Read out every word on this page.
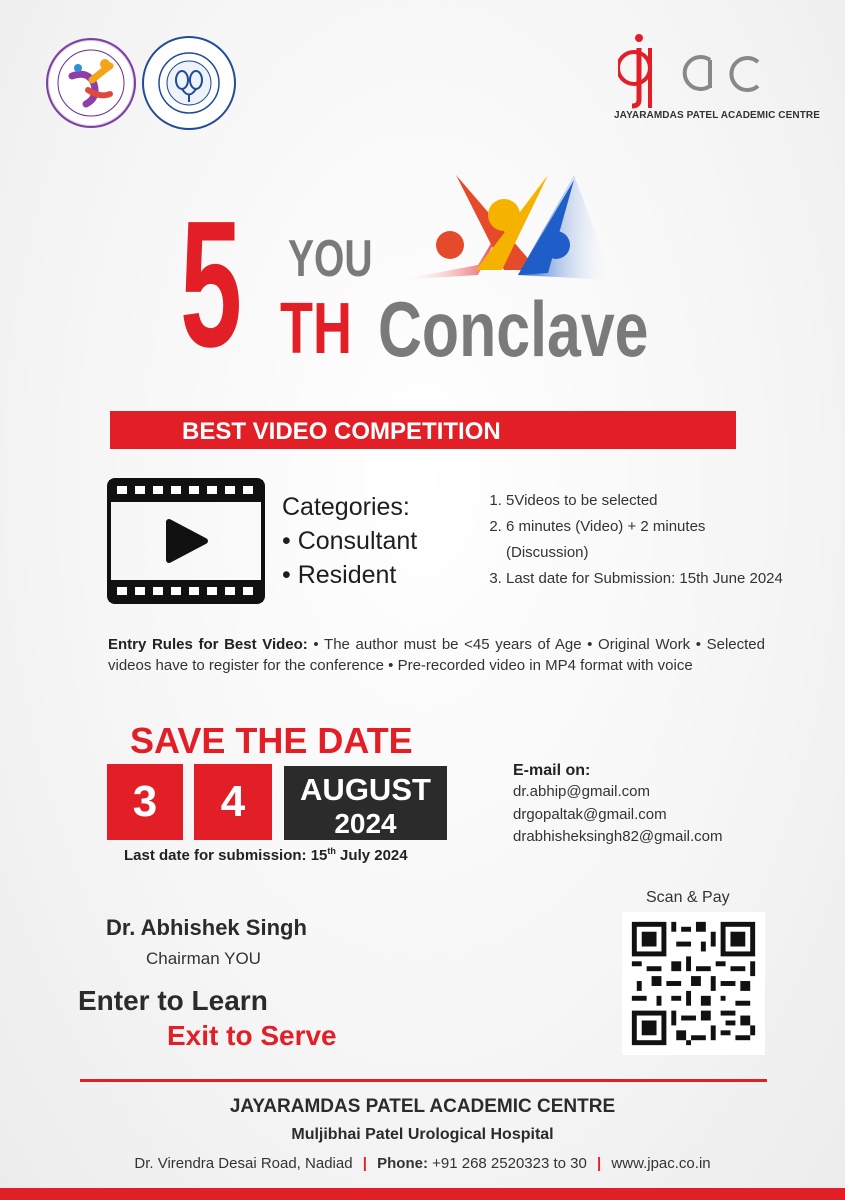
JAYARAMDAS PATEL ACADEMIC CENTRE
5 YOU
TH Conclave
BEST VIDEO COMPETITION
Categories:
• Consultant
• Resident
1. 5Videos to be selected
2. 6 minutes (Video) + 2 minutes (Discussion)
3. Last date for Submission: 15th June 2024
Entry Rules for Best Video: • The author must be <45 years of Age • Original Work • Selected videos have to register for the conference • Pre-recorded video in MP4 format with voice
SAVE THE DATE
3	4	AUGUST
2024
Last date for submission: 15th July 2024
E-mail on:
dr.abhip@gmail.com
drgopaltak@gmail.com
drabhisheksingh82@gmail.com
Scan & Pay
Dr. Abhishek Singh
Chairman YOU
Enter to Learn
Exit to Serve
JAYARAMDAS PATEL ACADEMIC CENTRE
Muljibhai Patel Urological Hospital
Dr. Virendra Desai Road, Nadiad | Phone: +91 268 2520323 to 30 | www.jpac.co.in
